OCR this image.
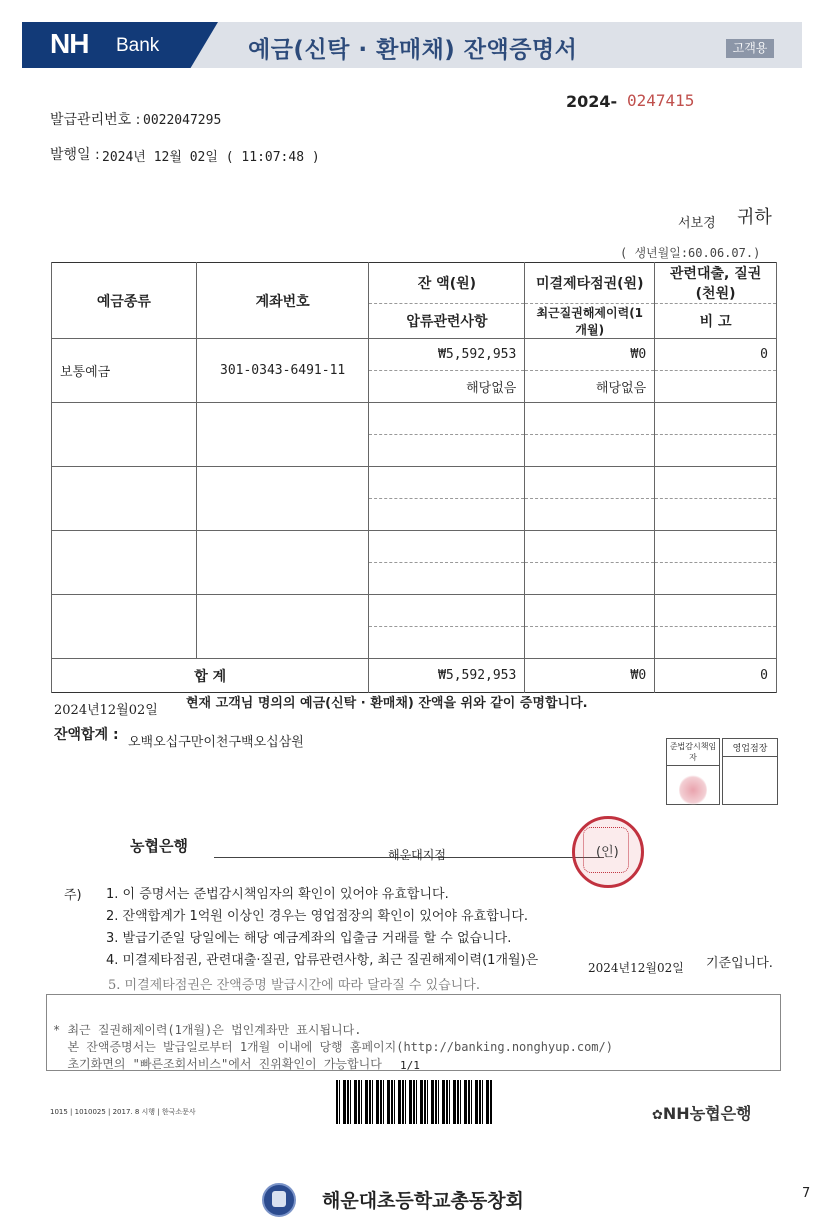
NH Bank	예금(신탁 · 환매채) 잔액증명서	고객용
2024- 0247415
발급관리번호 : 0022047295
발행일 : 2024년 12월 02일 ( 11:07:48 )
서보경 귀하
( 생년월일:60.06.07.)
예금종류	계좌번호	잔 액(원)	미결제타점권(원)	관련대출, 질권(천원)
		압류관련사항	최근질권해제이력(1개월)	비 고
보통예금	301-0343-6491-11	₩5,592,953	₩0	0
		해당없음	해당없음	

합 계		₩5,592,953	₩0	0
2024년12월02일 현재 고객님 명의의 예금(신탁 · 환매채) 잔액을 위와 같이 증명합니다.
잔액합계 : 오백오십구만이천구백오십삼원	준법감시책임자
영업점장
농협은행	해운대지점	(인)
주) 1. 이 증명서는 준법감시책임자의 확인이 있어야 유효합니다.
2. 잔액합계가 1억원 이상인 경우는 영업점장의 확인이 있어야 유효합니다.
3. 발급기준일 당일에는 해당 예금계좌의 입출금 거래를 할 수 없습니다.
4. 미결제타점권, 관련대출·질권, 압류관련사항, 최근 질권해제이력(1개월)은	2024년12월02일 기준입니다.
5. 미결제타점권은 잔액증명 발급시간에 따라 달라질 수 있습니다.

* 최근 질권해제이력(1개월)은 법인계좌만 표시됩니다.
본 잔액증명서는 발급일로부터 1개월 이내에 당행 홈페이지(http://banking.nonghyup.com/)
초기화면의 "빠른조회서비스"에서 진위확인이 가능합니다	1/1
1015 | 1010025 | 2017. 8 시행 | 한국소문사	✿NH농협은행
해운대초등학교총동창회	7
